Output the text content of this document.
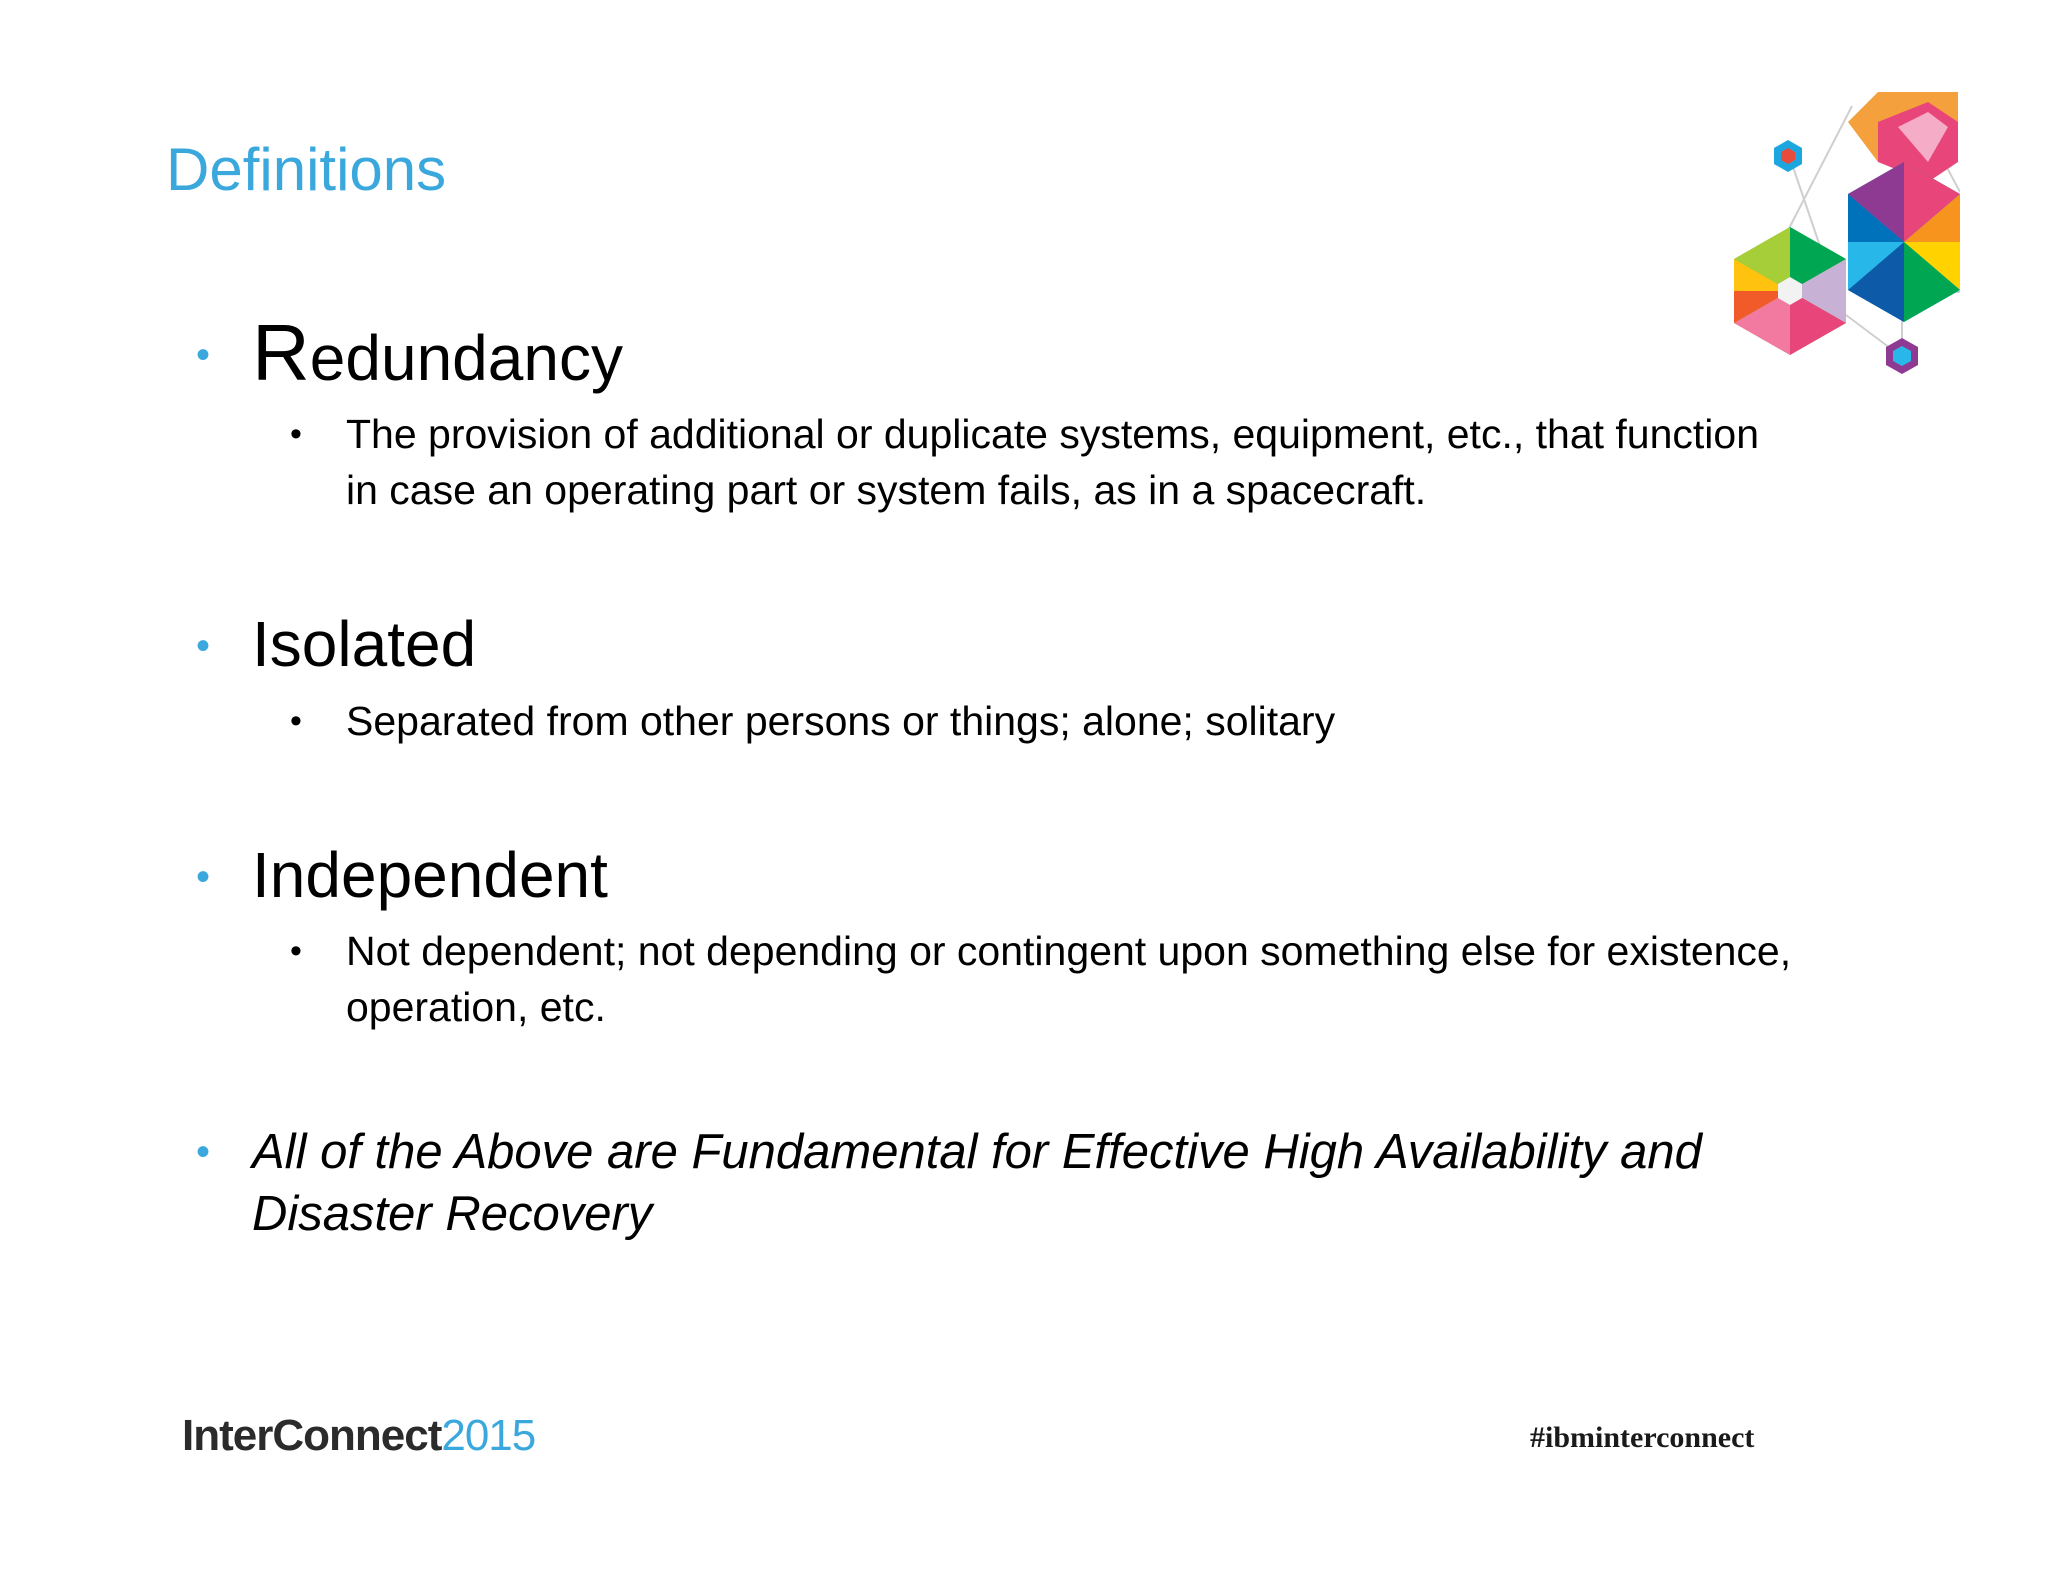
Definitions
• Redundancy
• The provision of additional or duplicate systems, equipment, etc., that function in case an operating part or system fails, as in a spacecraft.
• Isolated
• Separated from other persons or things; alone; solitary
• Independent
• Not dependent; not depending or contingent upon something else for existence, operation, etc.
• All of the Above are Fundamental for Effective High Availability and Disaster Recovery
InterConnect2015	#ibminterconnect
